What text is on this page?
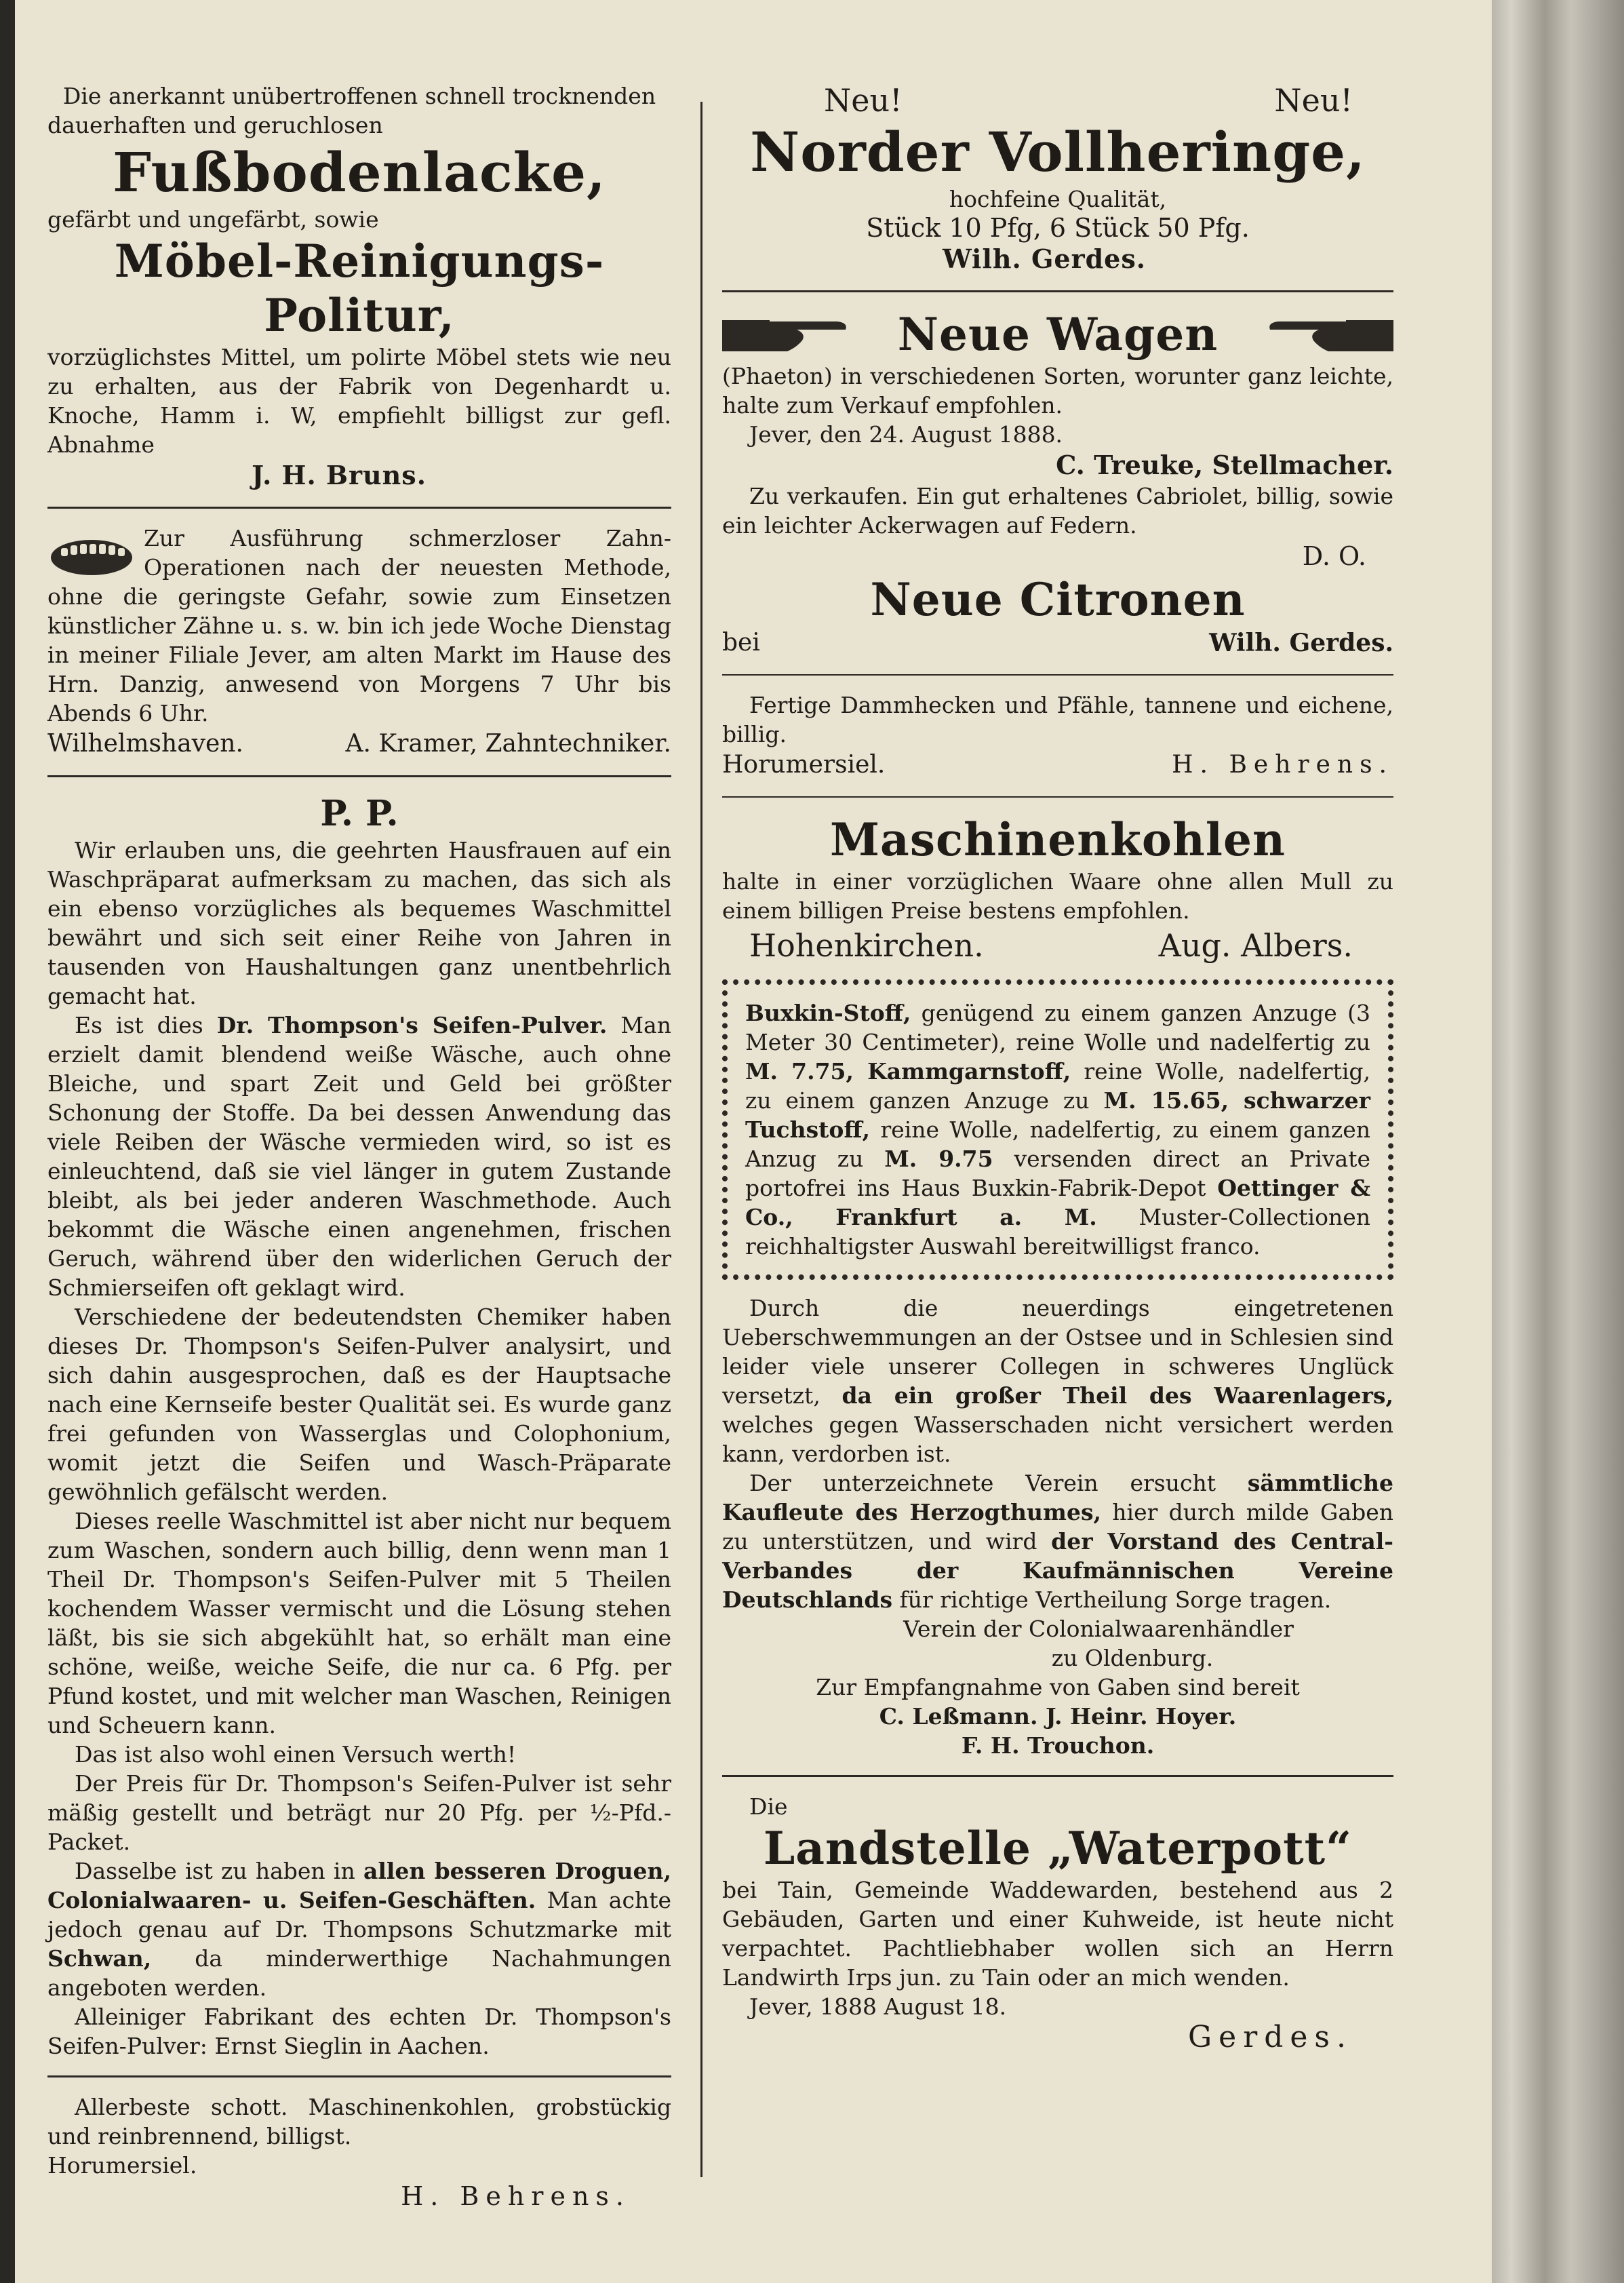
Die anerkannt unübertroffenen schnell trocknenden

dauerhaften und geruchlosen

Fußbodenlacke,

gefärbt und ungefärbt, sowie

Möbel-Reinigungs-Politur,

vorzüglichstes Mittel, um polirte Möbel stets wie neu zu erhalten, aus der Fabrik von Degenhardt u. Knoche, Hamm i. W, empfiehlt billigst zur gefl. Abnahme

J. H. Bruns.

Zur Ausführung schmerzloser Zahn-Operationen nach der neuesten Methode, ohne die geringste Gefahr, sowie zum Einsetzen künstlicher Zähne u. s. w. bin ich jede Woche Dienstag in meiner Filiale Jever, am alten Markt im Hause des Hrn. Danzig, anwesend von Morgens 7 Uhr bis Abends 6 Uhr.

Wilhelmshaven.	A. Kramer, Zahntechniker.
P. P.

Wir erlauben uns, die geehrten Hausfrauen auf ein Waschpräparat aufmerksam zu machen, das sich als ein ebenso vorzügliches als bequemes Waschmittel bewährt und sich seit einer Reihe von Jahren in tausenden von Haushaltungen ganz unentbehrlich gemacht hat.

Es ist dies Dr. Thompson's Seifen-Pulver. Man erzielt damit blendend weiße Wäsche, auch ohne Bleiche, und spart Zeit und Geld bei größter Schonung der Stoffe. Da bei dessen Anwendung das viele Reiben der Wäsche vermieden wird, so ist es einleuchtend, daß sie viel länger in gutem Zustande bleibt, als bei jeder anderen Waschmethode. Auch bekommt die Wäsche einen angenehmen, frischen Geruch, während über den widerlichen Geruch der Schmierseifen oft geklagt wird.

Verschiedene der bedeutendsten Chemiker haben dieses Dr. Thompson's Seifen-Pulver analysirt, und sich dahin ausgesprochen, daß es der Hauptsache nach eine Kernseife bester Qualität sei. Es wurde ganz frei gefunden von Wasserglas und Colophonium, womit jetzt die Seifen und Wasch-Präparate gewöhnlich gefälscht werden.

Dieses reelle Waschmittel ist aber nicht nur bequem zum Waschen, sondern auch billig, denn wenn man 1 Theil Dr. Thompson's Seifen-Pulver mit 5 Theilen kochendem Wasser vermischt und die Lösung stehen läßt, bis sie sich abgekühlt hat, so erhält man eine schöne, weiße, weiche Seife, die nur ca. 6 Pfg. per Pfund kostet, und mit welcher man Waschen, Reinigen und Scheuern kann.

Das ist also wohl einen Versuch werth!

Der Preis für Dr. Thompson's Seifen-Pulver ist sehr mäßig gestellt und beträgt nur 20 Pfg. per ½-Pfd.-Packet.

Dasselbe ist zu haben in allen besseren Droguen, Colonialwaaren- u. Seifen-Geschäften. Man achte jedoch genau auf Dr. Thompsons Schutzmarke mit Schwan, da minderwerthige Nachahmungen angeboten werden.

Alleiniger Fabrikant des echten Dr. Thompson's Seifen-Pulver: Ernst Sieglin in Aachen.

Allerbeste schott. Maschinenkohlen, grobstückig und reinbrennend, billigst.

Horumersiel.

H. Behrens.
Neu!	Neu!
Norder Vollheringe,

hochfeine Qualität,

Stück 10 Pfg, 6 Stück 50 Pfg.

Wilh. Gerdes.
Neue Wagen

(Phaeton) in verschiedenen Sorten, worunter ganz leichte, halte zum Verkauf empfohlen.

Jever, den 24. August 1888.

C. Treuke, Stellmacher.

Zu verkaufen. Ein gut erhaltenes Cabriolet, billig, sowie ein leichter Ackerwagen auf Federn.

D. O.
Neue Citronen
bei	Wilh. Gerdes.

Fertige Dammhecken und Pfähle, tannene und eichene, billig.

Horumersiel.	H. Behrens.
Maschinenkohlen

halte in einer vorzüglichen Waare ohne allen Mull zu einem billigen Preise bestens empfohlen.

Hohenkirchen.	Aug. Albers.

Buxkin-Stoff, genügend zu einem ganzen Anzuge (3 Meter 30 Centimeter), reine Wolle und nadelfertig zu M. 7.75, Kammgarnstoff, reine Wolle, nadelfertig, zu einem ganzen Anzuge zu M. 15.65, schwarzer Tuchstoff, reine Wolle, nadelfertig, zu einem ganzen Anzug zu M. 9.75 versenden direct an Private portofrei ins Haus Buxkin-Fabrik-Depot Oettinger & Co., Frankfurt a. M. Muster-Collectionen reichhaltigster Auswahl bereitwilligst franco.

Durch die neuerdings eingetretenen Ueberschwemmungen an der Ostsee und in Schlesien sind leider viele unserer Collegen in schweres Unglück versetzt, da ein großer Theil des Waarenlagers, welches gegen Wasserschaden nicht versichert werden kann, verdorben ist.

Der unterzeichnete Verein ersucht sämmtliche Kaufleute des Herzogthumes, hier durch milde Gaben zu unterstützen, und wird der Vorstand des Central-Verbandes der Kaufmännischen Vereine Deutschlands für richtige Vertheilung Sorge tragen.

Verein der Colonialwaarenhändler

zu Oldenburg.

Zur Empfangnahme von Gaben sind bereit

C. Leßmann. J. Heinr. Hoyer.

F. H. Trouchon.

Die

Landstelle „Waterpott“

bei Tain, Gemeinde Waddewarden, bestehend aus 2 Gebäuden, Garten und einer Kuhweide, ist heute nicht verpachtet. Pachtliebhaber wollen sich an Herrn Landwirth Irps jun. zu Tain oder an mich wenden.

Jever, 1888 August 18.

Gerdes.
